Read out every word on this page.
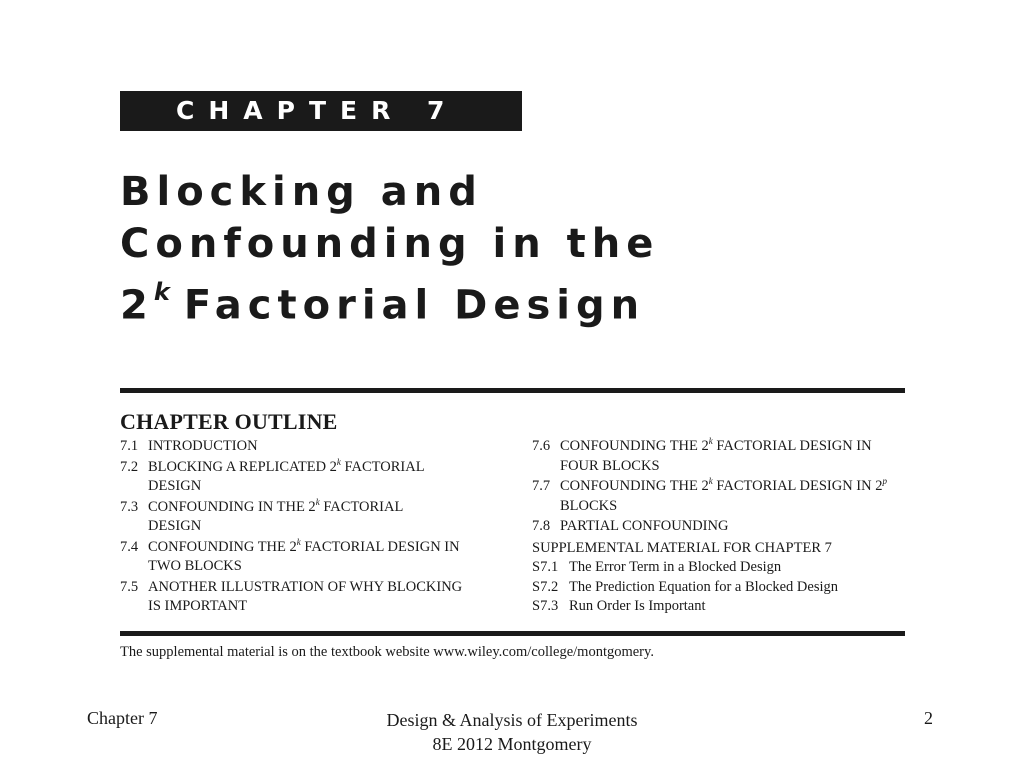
CHAPTER 7
Blocking and
Confounding in the
2$^k$ Factorial Design
CHAPTER OUTLINE
7.1 INTRODUCTION
7.2 BLOCKING A REPLICATED 2$^k$ FACTORIAL
DESIGN
7.3 CONFOUNDING IN THE 2$^k$ FACTORIAL
DESIGN
7.4 CONFOUNDING THE 2$^k$ FACTORIAL DESIGN IN
TWO BLOCKS
7.5 ANOTHER ILLUSTRATION OF WHY BLOCKING
IS IMPORTANT
7.6 CONFOUNDING THE 2$^k$ FACTORIAL DESIGN IN
FOUR BLOCKS
7.7 CONFOUNDING THE 2$^k$ FACTORIAL DESIGN IN 2$^p$
BLOCKS
7.8 PARTIAL CONFOUNDING
SUPPLEMENTAL MATERIAL FOR CHAPTER 7
S7.1 The Error Term in a Blocked Design
S7.2 The Prediction Equation for a Blocked Design
S7.3 Run Order Is Important
The supplemental material is on the textbook website www.wiley.com/college/montgomery.
Chapter 7	Design & Analysis of Experiments
8E 2012 Montgomery
2
